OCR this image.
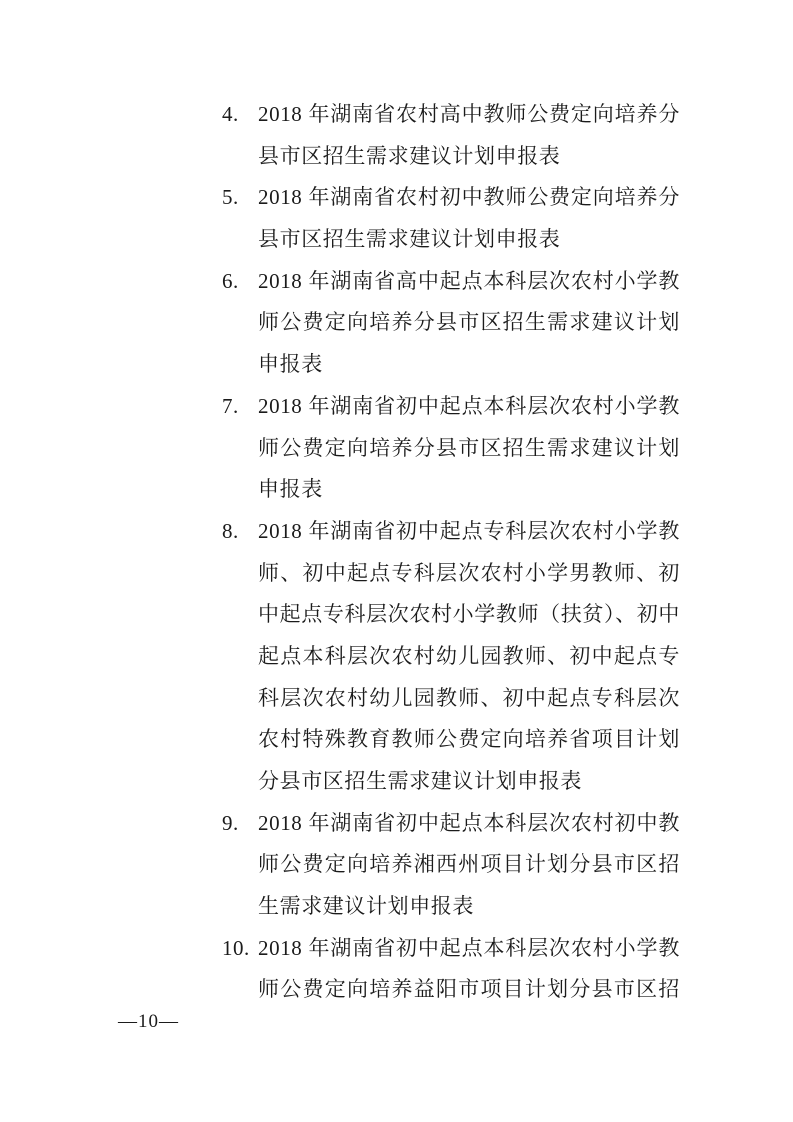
4. 2018 年湖南省农村高中教师公费定向培养分
县市区招生需求建议计划申报表
5. 2018 年湖南省农村初中教师公费定向培养分
县市区招生需求建议计划申报表
6. 2018 年湖南省高中起点本科层次农村小学教
师公费定向培养分县市区招生需求建议计划
申报表
7. 2018 年湖南省初中起点本科层次农村小学教
师公费定向培养分县市区招生需求建议计划
申报表
8. 2018 年湖南省初中起点专科层次农村小学教
师、初中起点专科层次农村小学男教师、初
中起点专科层次农村小学教师（扶贫）、初中
起点本科层次农村幼儿园教师、初中起点专
科层次农村幼儿园教师、初中起点专科层次
农村特殊教育教师公费定向培养省项目计划
分县市区招生需求建议计划申报表
9. 2018 年湖南省初中起点本科层次农村初中教
师公费定向培养湘西州项目计划分县市区招
生需求建议计划申报表
10. 2018 年湖南省初中起点本科层次农村小学教
师公费定向培养益阳市项目计划分县市区招
—10—
